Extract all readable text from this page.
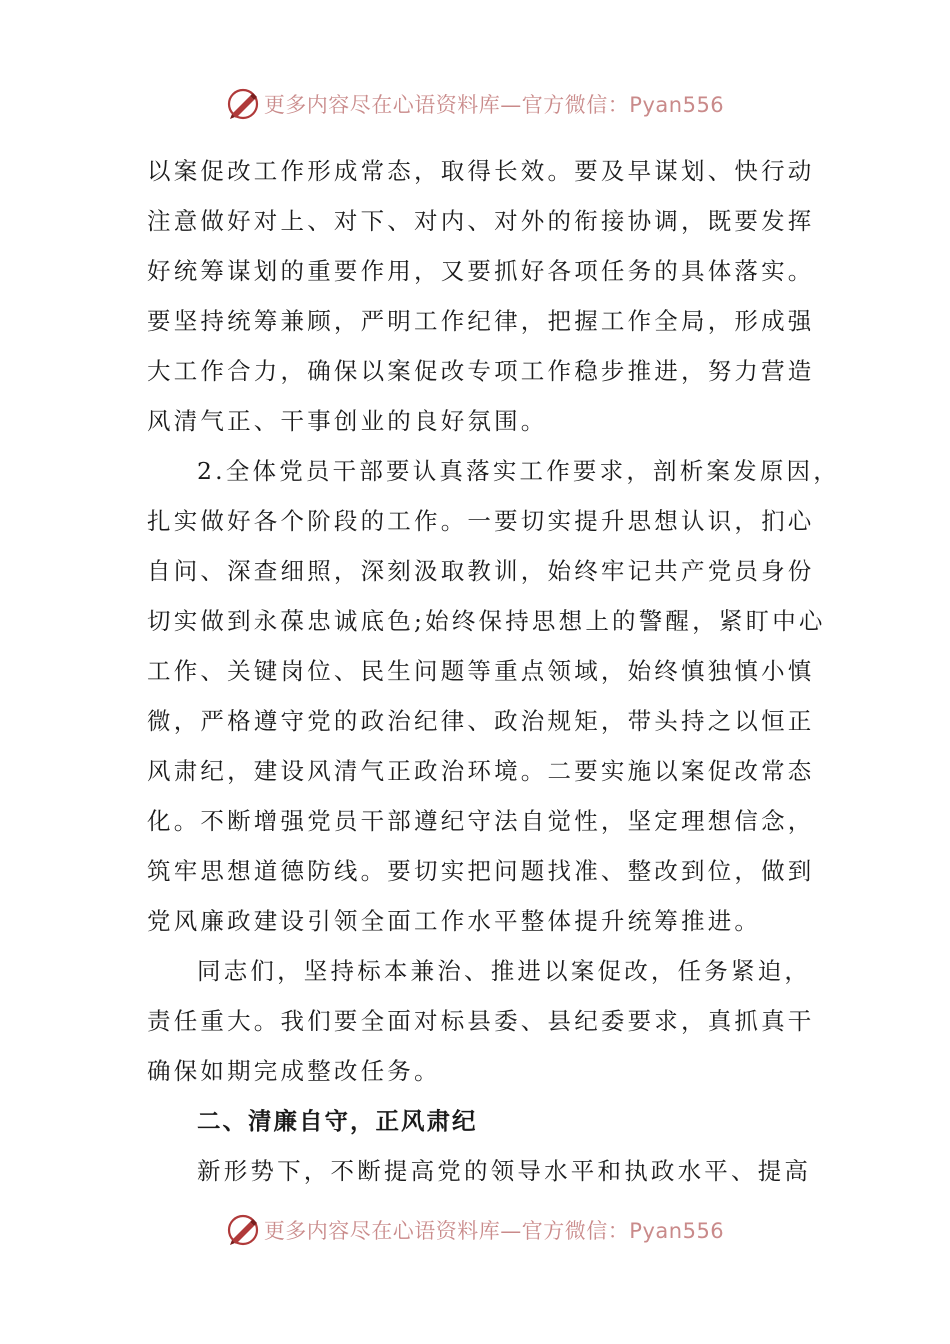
更多内容尽在心语资料库—官方微信：Pyan556
以案促改工作形成常态，取得长效。要及早谋划、快行动
注意做好对上、对下、对内、对外的衔接协调，既要发挥
好统筹谋划的重要作用，又要抓好各项任务的具体落实。
要坚持统筹兼顾，严明工作纪律，把握工作全局，形成强
大工作合力，确保以案促改专项工作稳步推进，努力营造
风清气正、干事创业的良好氛围。
2.全体党员干部要认真落实工作要求，剖析案发原因，
扎实做好各个阶段的工作。一要切实提升思想认识，扪心
自问、深查细照，深刻汲取教训，始终牢记共产党员身份
切实做到永葆忠诚底色;始终保持思想上的警醒，紧盯中心
工作、关键岗位、民生问题等重点领域，始终慎独慎小慎
微，严格遵守党的政治纪律、政治规矩，带头持之以恒正
风肃纪，建设风清气正政治环境。二要实施以案促改常态
化。不断增强党员干部遵纪守法自觉性，坚定理想信念，
筑牢思想道德防线。要切实把问题找准、整改到位，做到
党风廉政建设引领全面工作水平整体提升统筹推进。
同志们，坚持标本兼治、推进以案促改，任务紧迫，
责任重大。我们要全面对标县委、县纪委要求，真抓真干
确保如期完成整改任务。
二、清廉自守，正风肃纪
新形势下，不断提高党的领导水平和执政水平、提高
更多内容尽在心语资料库—官方微信：Pyan556
